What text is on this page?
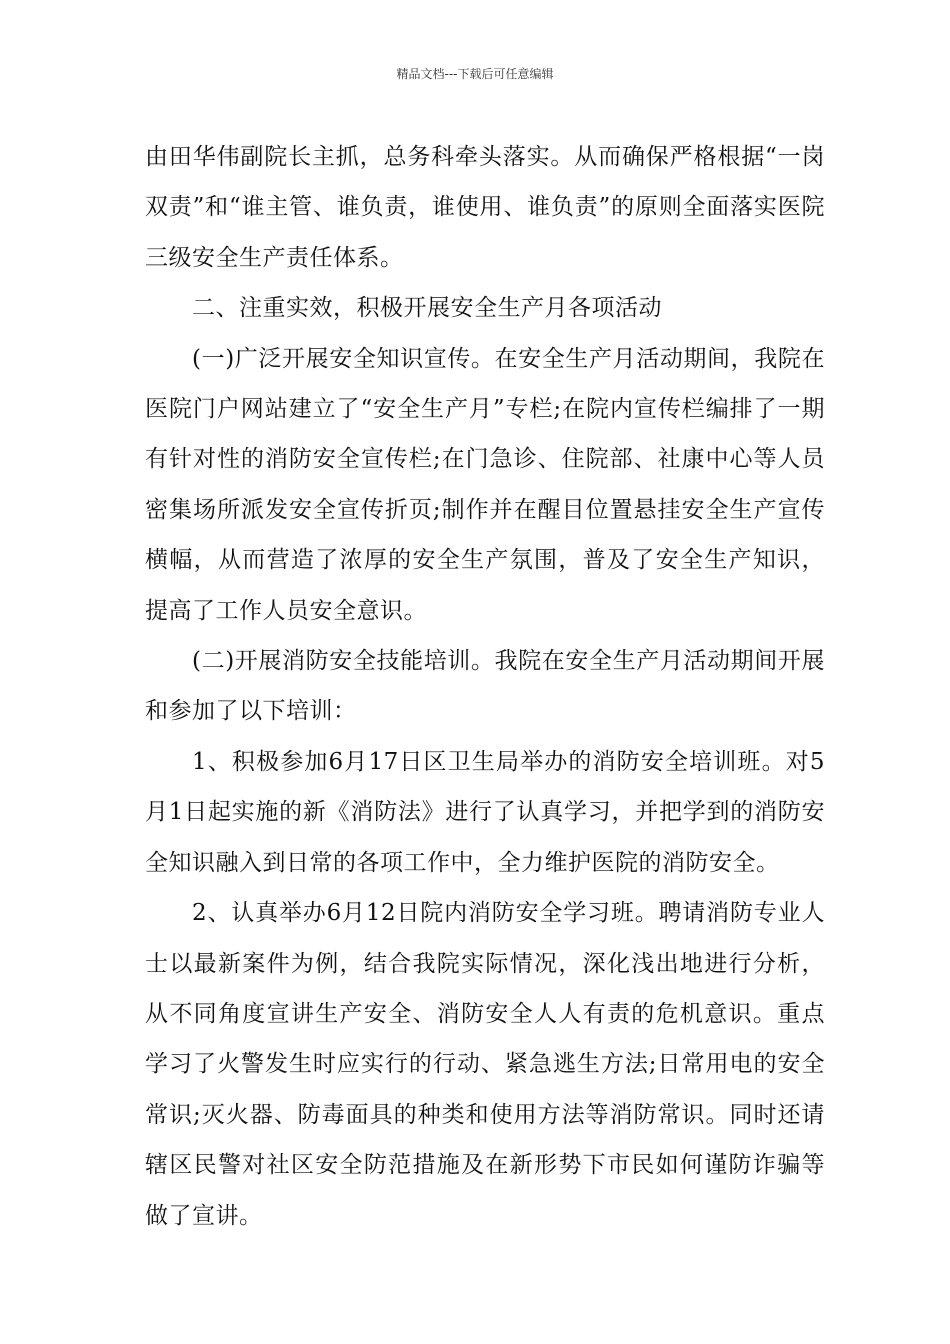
精品文档---下载后可任意编辑

由田华伟副院长主抓，总务科牵头落实。从而确保严格根据“一岗双责”和“谁主管、谁负责，谁使用、谁负责”的原则全面落实医院三级安全生产责任体系。

二、注重实效，积极开展安全生产月各项活动

(一)广泛开展安全知识宣传。在安全生产月活动期间，我院在医院门户网站建立了“安全生产月”专栏;在院内宣传栏编排了一期有针对性的消防安全宣传栏;在门急诊、住院部、社康中心等人员密集场所派发安全宣传折页;制作并在醒目位置悬挂安全生产宣传横幅，从而营造了浓厚的安全生产氛围，普及了安全生产知识，提高了工作人员安全意识。

(二)开展消防安全技能培训。我院在安全生产月活动期间开展和参加了以下培训：

1、积极参加6月17日区卫生局举办的消防安全培训班。对5月1日起实施的新《消防法》进行了认真学习，并把学到的消防安全知识融入到日常的各项工作中，全力维护医院的消防安全。

2、认真举办6月12日院内消防安全学习班。聘请消防专业人士以最新案件为例，结合我院实际情况，深化浅出地进行分析，从不同角度宣讲生产安全、消防安全人人有责的危机意识。重点学习了火警发生时应实行的行动、紧急逃生方法;日常用电的安全常识;灭火器、防毒面具的种类和使用方法等消防常识。同时还请辖区民警对社区安全防范措施及在新形势下市民如何谨防诈骗等做了宣讲。
